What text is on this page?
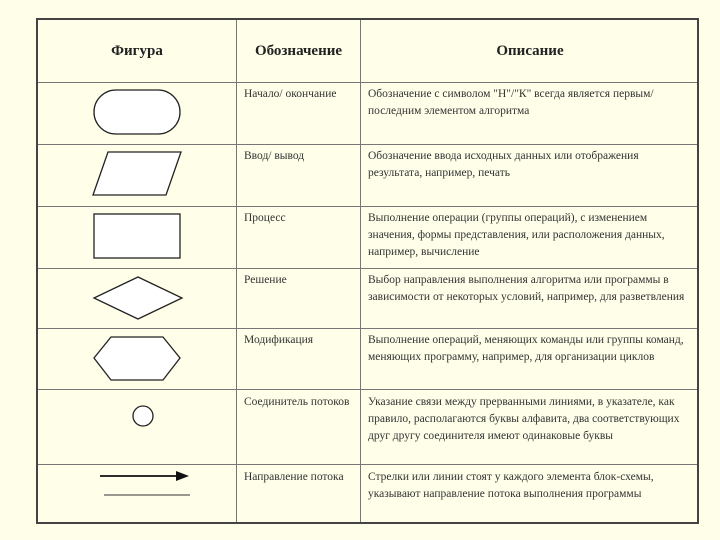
Фигура	Обозначение	Описание
Начало/ окончание	Обозначение с символом "Н"/"К" всегда является первым/ последним элементом алгоритма
Ввод/ вывод	Обозначение ввода исходных данных или отображения результата, например, печать
Процесс	Выполнение операции (группы операций), с изменением значения, формы представления, или расположения данных, например, вычисление
Решение	Выбор направления выполнения алгоритма или программы в зависимости от некоторых условий, например, для разветвления
Модификация	Выполнение операций, меняющих команды или группы команд, меняющих программу, например, для организации циклов
Соединитель потоков	Указание связи между прерванными линиями, в указателе, как правило, располагаются буквы алфавита, два соответствующих друг другу соединителя имеют одинаковые буквы
Направление потока	Стрелки или линии стоят у каждого элемента блок-схемы, указывают направление потока выполнения программы
